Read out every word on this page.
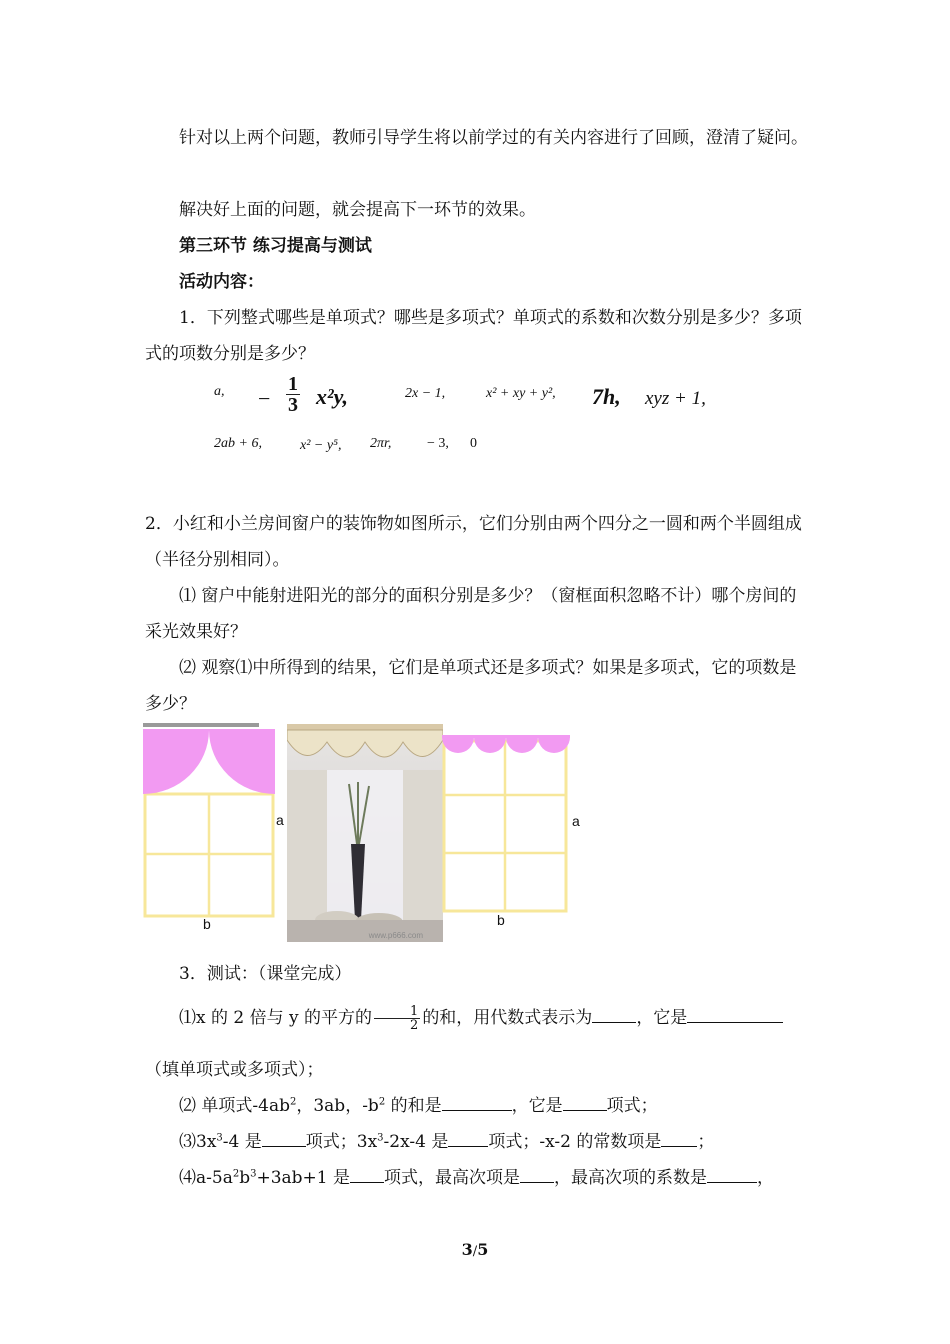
针对以上两个问题，教师引导学生将以前学过的有关内容进行了回顾，澄清了疑问。

解决好上面的问题，就会提高下一环节的效果。

第三环节 练习提高与测试

活动内容：

1．下列整式哪些是单项式？哪些是多项式？单项式的系数和次数分别是多少？多项式的项数分别是多少？

a, − $\frac{1}{3} x^2y$,	2x − 1,	x² + xy + y², 7h, xyz + 1,
2ab + 6,	x² − y⁵, 2πr,	− 3, 0

2．小红和小兰房间窗户的装饰物如图所示，它们分别由两个四分之一圆和两个半圆组成（半径分别相同）。

⑴ 窗户中能射进阳光的部分的面积分别是多少？（窗框面积忽略不计）哪个房间的采光效果好？

⑵ 观察⑴中所得到的结果，它们是单项式还是多项式？如果是多项式，它的项数是多少？

a
b
www.p666.com
a
b

3．测试：（课堂完成）

⑴x 的 2 倍与 y 的平方的 $\frac{1}{2}$ 的和，用代数式表示为	，它是

（填单项式或多项式）；

⑵ 单项式$-4ab^2$，3ab，$-b^2$ 的和是	，它是	项式；
$⑶3x^3-4$ 是	项式；$3x^3-2x-4$ 是 项式；-x-2 的常数项是 ；
$⑷a-5a^2b^3+3ab+1$ 是 项式，最高次项是 ，最高次项的系数是	，
3/5
